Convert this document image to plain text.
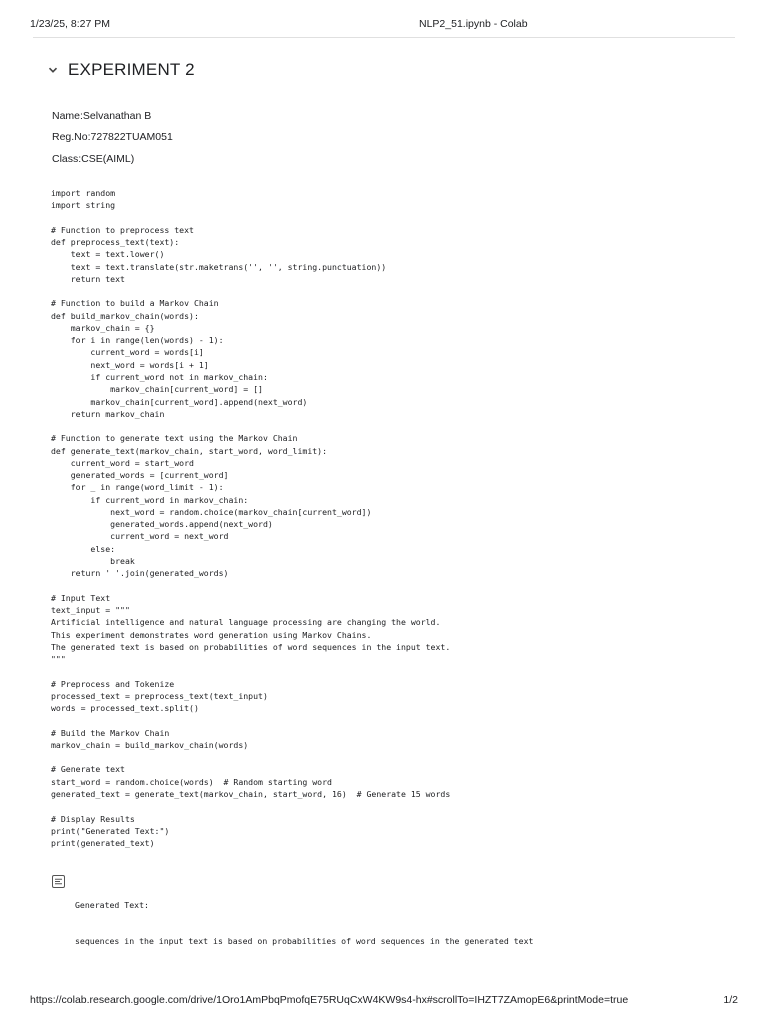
1/23/25, 8:27 PM	NLP2_51.ipynb - Colab
EXPERIMENT 2
Name:Selvanathan B
Reg.No:727822TUAM051
Class:CSE(AIML)
import random
import string
# Function to preprocess text
def preprocess_text(text):
text = text.lower()
text = text.translate(str.maketrans('', '', string.punctuation))
return text
# Function to build a Markov Chain
def build_markov_chain(words):
markov_chain = {}
for i in range(len(words) - 1):
current_word = words[i]
next_word = words[i + 1]
if current_word not in markov_chain:
markov_chain[current_word] = []
markov_chain[current_word].append(next_word)
return markov_chain
# Function to generate text using the Markov Chain
def generate_text(markov_chain, start_word, word_limit):
current_word = start_word
generated_words = [current_word]
for _ in range(word_limit - 1):
if current_word in markov_chain:
next_word = random.choice(markov_chain[current_word])
generated_words.append(next_word)
current_word = next_word
else:
break
return ' '.join(generated_words)
# Input Text
text_input = """
Artificial intelligence and natural language processing are changing the world.
This experiment demonstrates word generation using Markov Chains.
The generated text is based on probabilities of word sequences in the input text.
"""
# Preprocess and Tokenize
processed_text = preprocess_text(text_input)
words = processed_text.split()
# Build the Markov Chain
markov_chain = build_markov_chain(words)
# Generate text
start_word = random.choice(words)  # Random starting word
generated_text = generate_text(markov_chain, start_word, 16)  # Generate 15 words
# Display Results
print("Generated Text:")
print(generated_text)

Generated Text:

sequences in the input text is based on probabilities of word sequences in the generated text

https://colab.research.google.com/drive/1Oro1AmPbqPmofqE75RUqCxW4KW9s4-hx#scrollTo=IHZT7ZAmopE6&printMode=true	1/2
